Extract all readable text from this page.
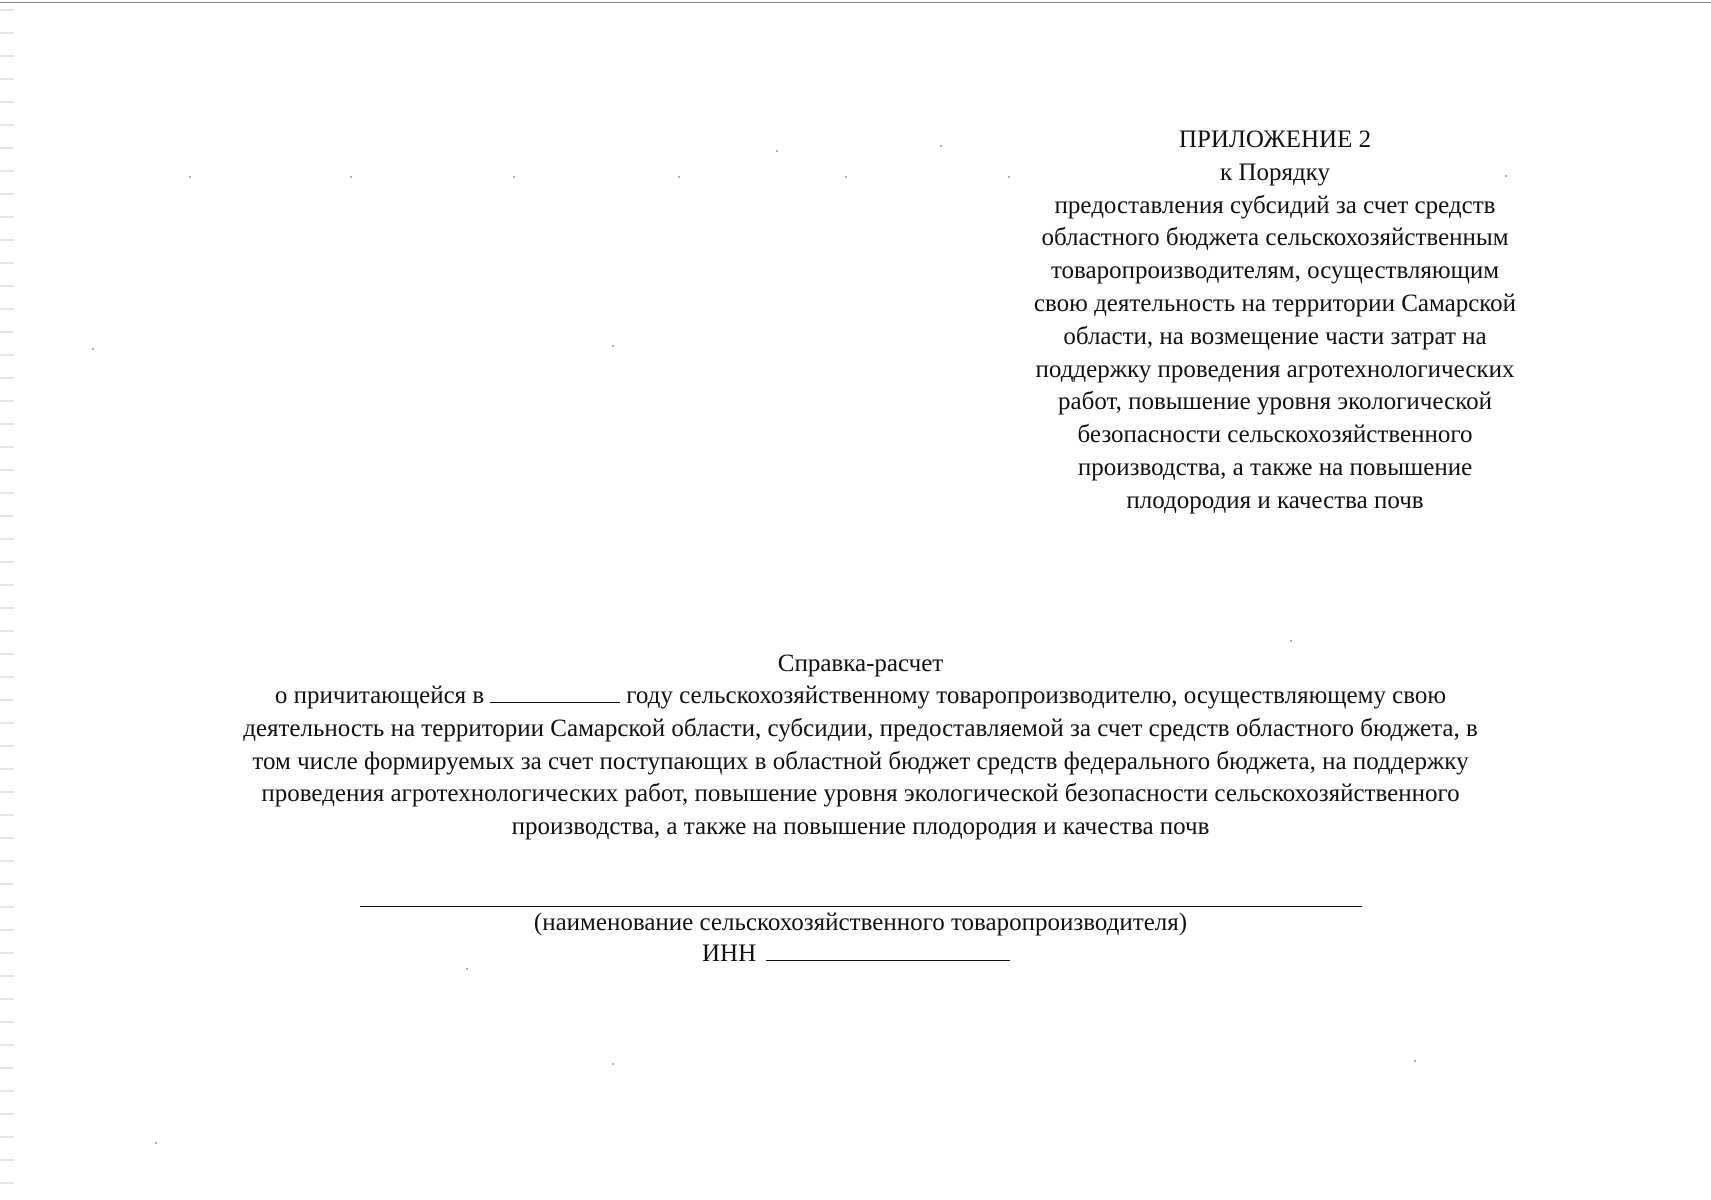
ПРИЛОЖЕНИЕ 2
к Порядку
предоставления субсидий за счет средств
областного бюджета сельскохозяйственным
товаропроизводителям, осуществляющим
свою деятельность на территории Самарской
области, на возмещение части затрат на
поддержку проведения агротехнологических
работ, повышение уровня экологической
безопасности сельскохозяйственного
производства, а также на повышение
плодородия и качества почв
Справка-расчет
о причитающейся в	году сельскохозяйственному товаропроизводителю, осуществляющему свою
деятельность на территории Самарской области, субсидии, предоставляемой за счет средств областного бюджета, в
том числе формируемых за счет поступающих в областной бюджет средств федерального бюджета, на поддержку
проведения агротехнологических работ, повышение уровня экологической безопасности сельскохозяйственного
производства, а также на повышение плодородия и качества почв
(наименование сельскохозяйственного товаропроизводителя)
ИНН
